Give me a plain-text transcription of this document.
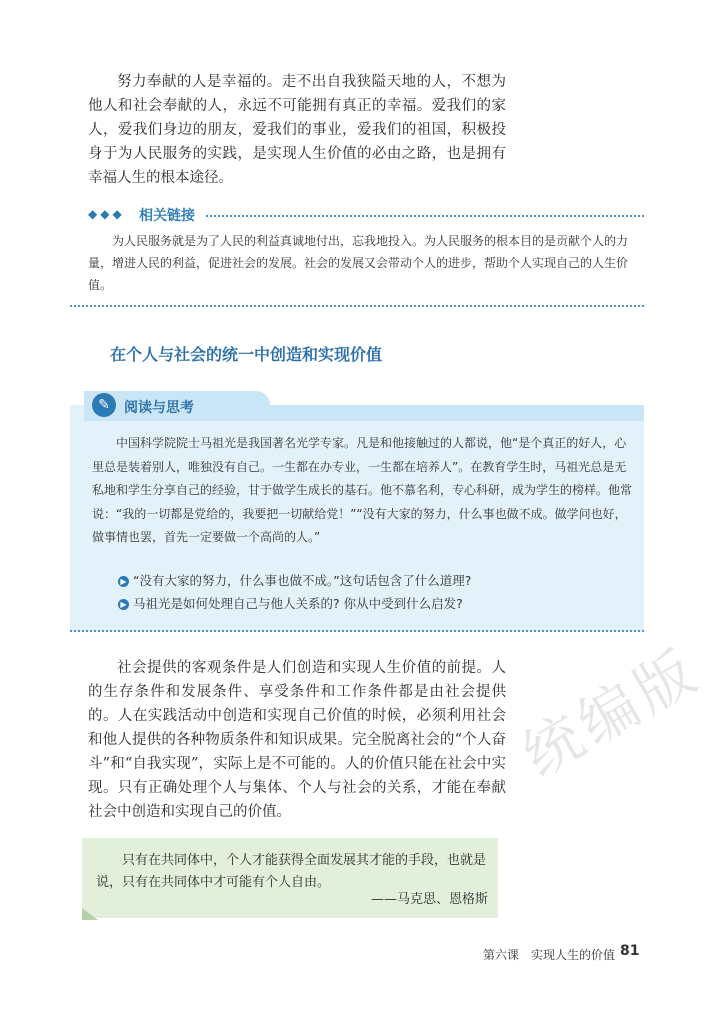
努力奉献的人是幸福的。走不出自我狭隘天地的人，不想为他人和社会奉献的人，永远不可能拥有真正的幸福。爱我们的家人，爱我们身边的朋友，爱我们的事业，爱我们的祖国，积极投身于为人民服务的实践，是实现人生价值的必由之路，也是拥有幸福人生的根本途径。

◆◆◆ 相关链接

为人民服务就是为了人民的利益真诚地付出，忘我地投入。为人民服务的根本目的是贡献个人的力量，增进人民的利益，促进社会的发展。社会的发展又会带动个人的进步，帮助个人实现自己的人生价值。

在个人与社会的统一中创造和实现价值
✎	阅读与思考

中国科学院院士马祖光是我国著名光学专家。凡是和他接触过的人都说，他“是个真正的好人，心里总是装着别人，唯独没有自己。一生都在办专业，一生都在培养人”。在教育学生时，马祖光总是无私地和学生分享自己的经验，甘于做学生成长的基石。他不慕名利，专心科研，成为学生的榜样。他常说：“我的一切都是党给的，我要把一切献给党！”“没有大家的努力，什么事也做不成。做学问也好，做事情也罢，首先一定要做一个高尚的人。”

▶ “没有大家的努力，什么事也做不成。”这句话包含了什么道理?
▶ 马祖光是如何处理自己与他人关系的? 你从中受到什么启发?

社会提供的客观条件是人们创造和实现人生价值的前提。人的生存条件和发展条件、享受条件和工作条件都是由社会提供的。人在实践活动中创造和实现自己价值的时候，必须利用社会和他人提供的各种物质条件和知识成果。完全脱离社会的“个人奋斗”和“自我实现”，实际上是不可能的。人的价值只能在社会中实现。只有正确处理个人与集体、个人与社会的关系，才能在奉献社会中创造和实现自己的价值。

统编版

只有在共同体中，个人才能获得全面发展其才能的手段，也就是说，只有在共同体中才可能有个人自由。

——马克思、恩格斯
第六课　实现人生的价值 81
